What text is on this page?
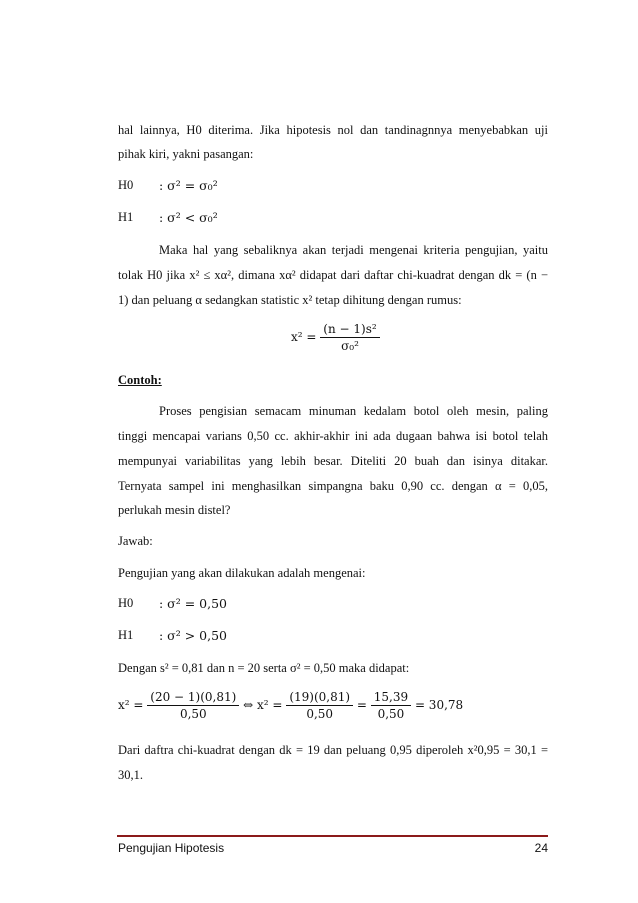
hal lainnya, H0 diterima. Jika hipotesis nol dan tandinagnnya menyebabkan uji
pihak kiri, yakni pasangan:
H0 : σ² = σ₀²
H1 : σ² < σ₀²
Maka hal yang sebaliknya akan terjadi mengenai kriteria pengujian, yaitu
tolak H0 jika x² ≤ xα², dimana xα² didapat dari daftar chi-kuadrat dengan dk = (n −
1) dan peluang α sedangkan statistic x² tetap dihitung dengan rumus:
$x^2 = \frac{\text{(n − 1)s²}}{\text{σ₀²}}$
Contoh:
Proses pengisian semacam minuman kedalam botol oleh mesin, paling
tinggi mencapai varians 0,50 cc. akhir-akhir ini ada dugaan bahwa isi botol telah
mempunyai variabilitas yang lebih besar. Diteliti 20 buah dan isinya ditakar.
Ternyata sampel ini menghasilkan simpangna baku 0,90 cc. dengan α = 0,05,
perlukah mesin distel?
Jawab:
Pengujian yang akan dilakukan adalah mengenai:
H0 : σ² = 0,50
H1 : σ² > 0,50
Dengan s² = 0,81 dan n = 20 serta σ² = 0,50 maka didapat:
$x^2 = \frac{(20 - 1)(0,81)}{0,50}$ ⇔ $x^2 = \frac{(19)(0,81)}{0,50} = \frac{15,39}{0,50} = 30,78$
Dari daftra chi-kuadrat dengan dk = 19 dan peluang 0,95 diperoleh x²0,95 = 30,1 =
30,1.
Pengujian Hipotesis	24
